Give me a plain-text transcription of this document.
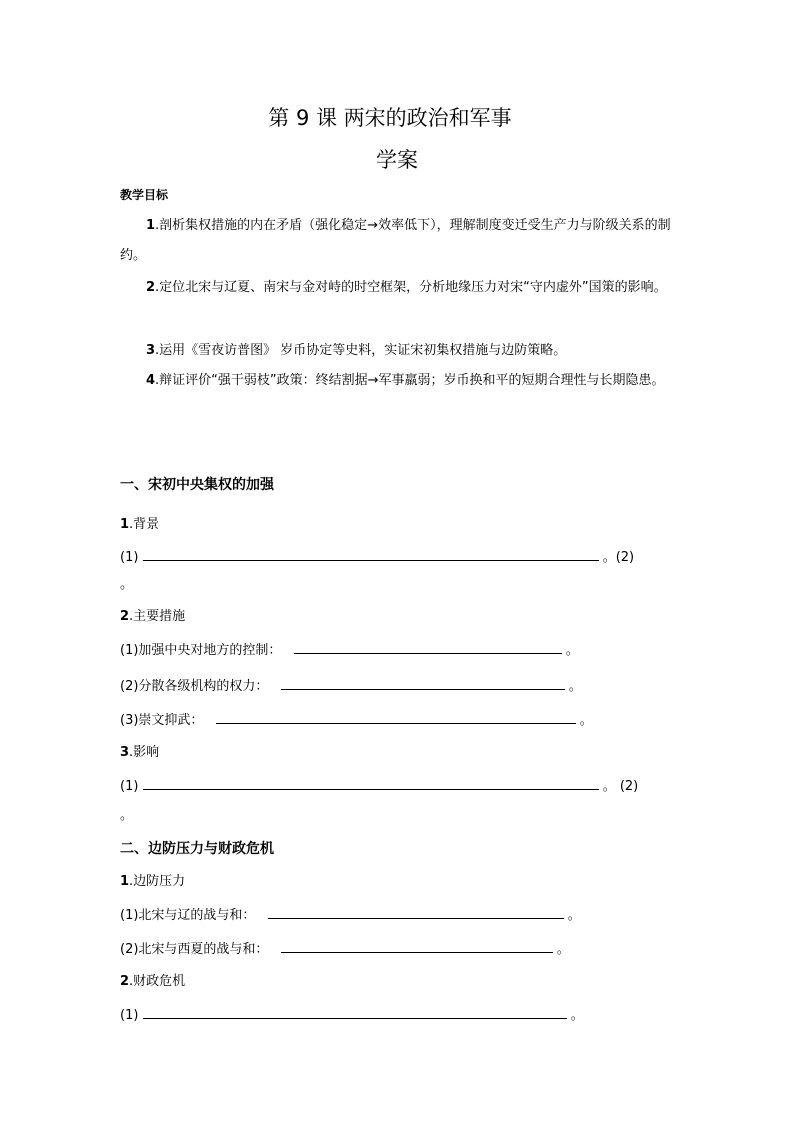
第 9 课 两宋的政治和军事
学案
教学目标

1.剖析集权措施的内在矛盾（强化稳定→效率低下），理解制度变迁受生产力与阶级关系的制约。

2.定位北宋与辽夏、南宋与金对峙的时空框架，分析地缘压力对宋“守内虚外”国策的影响。

3.运用《雪夜访普图》 岁币协定等史料，实证宋初集权措施与边防策略。

4.辩证评价“强干弱枝”政策：终结割据→军事羸弱；岁币换和平的短期合理性与长期隐患。

一、宋初中央集权的加强
1.背景
(1)	。(2)
。
2.主要措施
(1)加强中央对地方的控制：	。
(2)分散各级机构的权力：	。
(3)崇文抑武：	。
3.影响
(1)	。 (2)
。
二、边防压力与财政危机
1.边防压力
(1)北宋与辽的战与和：	。
(2)北宋与西夏的战与和：	。
2.财政危机
(1)	。
